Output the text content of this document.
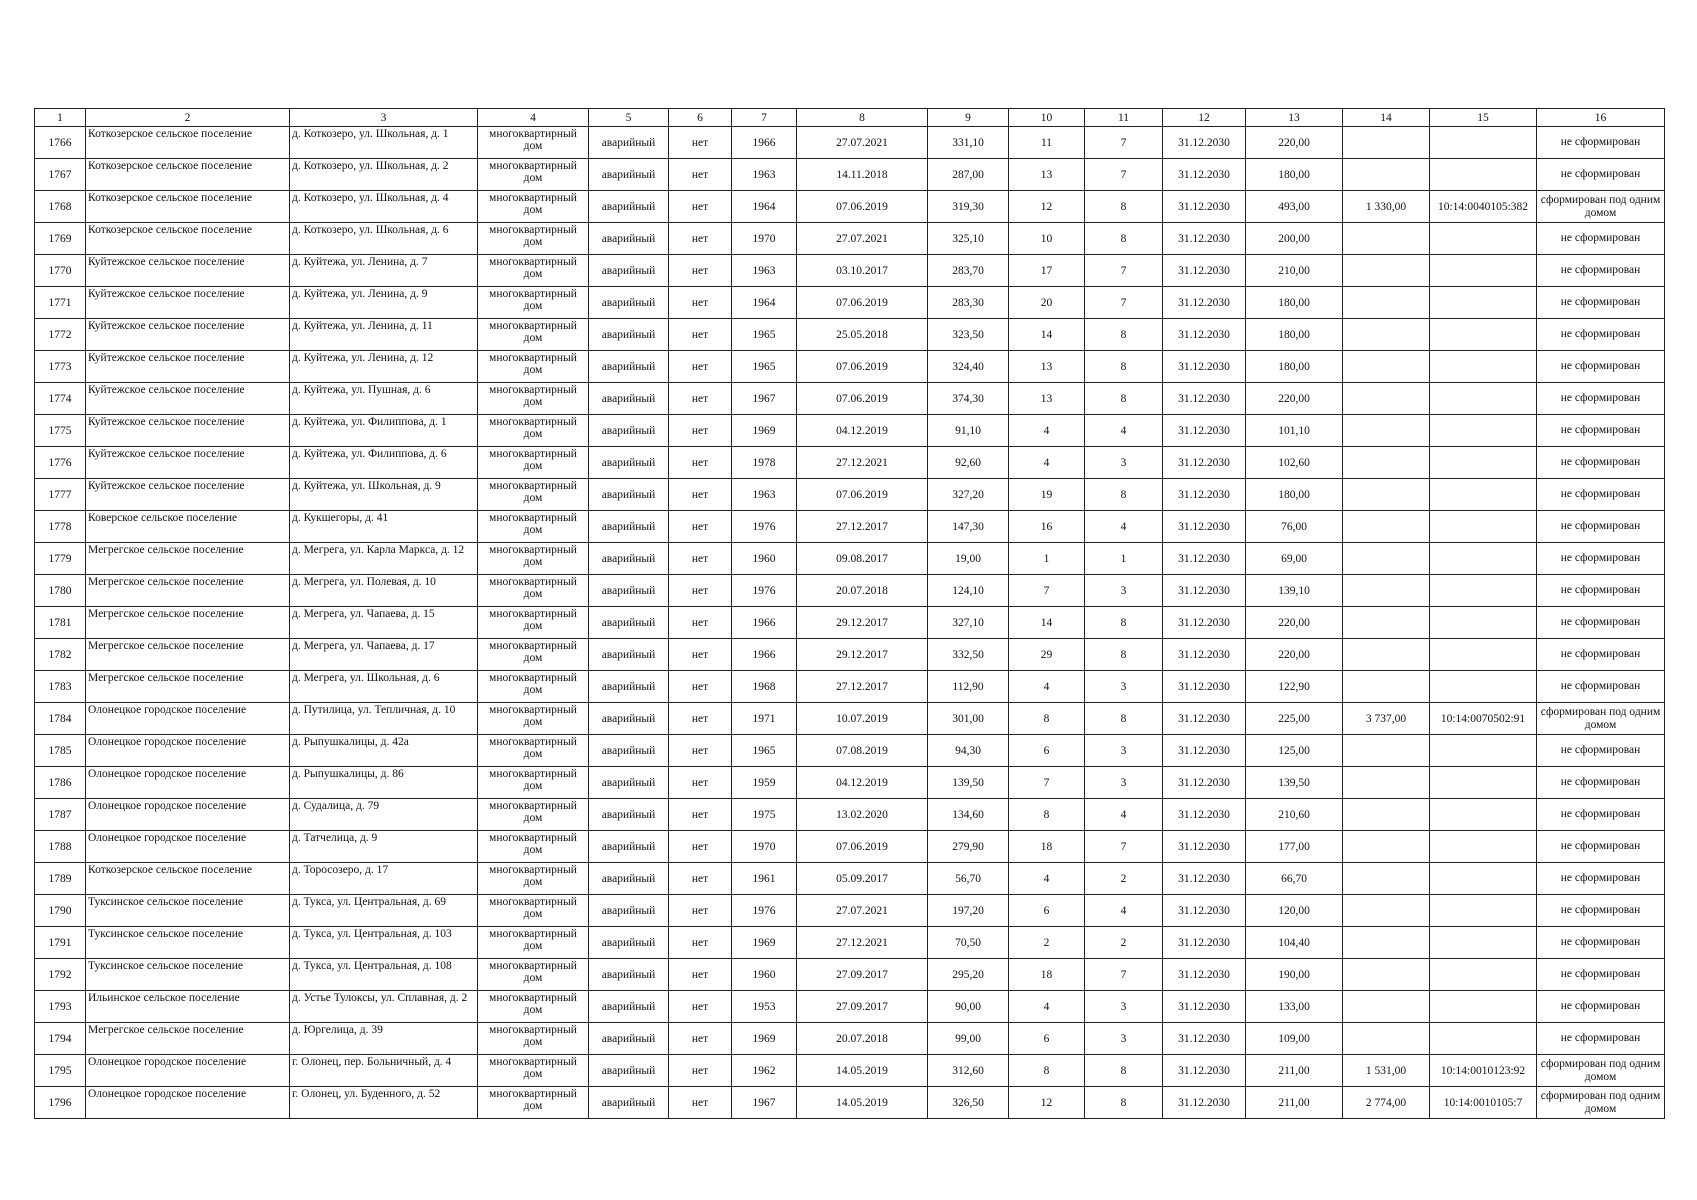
1	2	3	4	5	6	7	8	9	10	11	12	13	14	15	16
1766	Коткозерское сельское поселение	д. Коткозеро, ул. Школьная, д. 1	многоквартирный дом	аварийный	нет	1966	27.07.2021	331,10	11	7	31.12.2030	220,00			не сформирован
1767	Коткозерское сельское поселение	д. Коткозеро, ул. Школьная, д. 2	многоквартирный дом	аварийный	нет	1963	14.11.2018	287,00	13	7	31.12.2030	180,00			не сформирован
1768	Коткозерское сельское поселение	д. Коткозеро, ул. Школьная, д. 4	многоквартирный дом	аварийный	нет	1964	07.06.2019	319,30	12	8	31.12.2030	493,00	1 330,00	10:14:0040105:382	сформирован под одним домом
1769	Коткозерское сельское поселение	д. Коткозеро, ул. Школьная, д. 6	многоквартирный дом	аварийный	нет	1970	27.07.2021	325,10	10	8	31.12.2030	200,00			не сформирован
1770	Куйтежское сельское поселение	д. Куйтежа, ул. Ленина, д. 7	многоквартирный дом	аварийный	нет	1963	03.10.2017	283,70	17	7	31.12.2030	210,00			не сформирован
1771	Куйтежское сельское поселение	д. Куйтежа, ул. Ленина, д. 9	многоквартирный дом	аварийный	нет	1964	07.06.2019	283,30	20	7	31.12.2030	180,00			не сформирован
1772	Куйтежское сельское поселение	д. Куйтежа, ул. Ленина, д. 11	многоквартирный дом	аварийный	нет	1965	25.05.2018	323,50	14	8	31.12.2030	180,00			не сформирован
1773	Куйтежское сельское поселение	д. Куйтежа, ул. Ленина, д. 12	многоквартирный дом	аварийный	нет	1965	07.06.2019	324,40	13	8	31.12.2030	180,00			не сформирован
1774	Куйтежское сельское поселение	д. Куйтежа, ул. Пушная, д. 6	многоквартирный дом	аварийный	нет	1967	07.06.2019	374,30	13	8	31.12.2030	220,00			не сформирован
1775	Куйтежское сельское поселение	д. Куйтежа, ул. Филиппова, д. 1	многоквартирный дом	аварийный	нет	1969	04.12.2019	91,10	4	4	31.12.2030	101,10			не сформирован
1776	Куйтежское сельское поселение	д. Куйтежа, ул. Филиппова, д. 6	многоквартирный дом	аварийный	нет	1978	27.12.2021	92,60	4	3	31.12.2030	102,60			не сформирован
1777	Куйтежское сельское поселение	д. Куйтежа, ул. Школьная, д. 9	многоквартирный дом	аварийный	нет	1963	07.06.2019	327,20	19	8	31.12.2030	180,00			не сформирован
1778	Коверское сельское поселение	д. Кукшегоры, д. 41	многоквартирный дом	аварийный	нет	1976	27.12.2017	147,30	16	4	31.12.2030	76,00			не сформирован
1779	Мегрегское сельское поселение	д. Мегрега, ул. Карла Маркса, д. 12	многоквартирный дом	аварийный	нет	1960	09.08.2017	19,00	1	1	31.12.2030	69,00			не сформирован
1780	Мегрегское сельское поселение	д. Мегрега, ул. Полевая, д. 10	многоквартирный дом	аварийный	нет	1976	20.07.2018	124,10	7	3	31.12.2030	139,10			не сформирован
1781	Мегрегское сельское поселение	д. Мегрега, ул. Чапаева, д. 15	многоквартирный дом	аварийный	нет	1966	29.12.2017	327,10	14	8	31.12.2030	220,00			не сформирован
1782	Мегрегское сельское поселение	д. Мегрега, ул. Чапаева, д. 17	многоквартирный дом	аварийный	нет	1966	29.12.2017	332,50	29	8	31.12.2030	220,00			не сформирован
1783	Мегрегское сельское поселение	д. Мегрега, ул. Школьная, д. 6	многоквартирный дом	аварийный	нет	1968	27.12.2017	112,90	4	3	31.12.2030	122,90			не сформирован
1784	Олонецкое городское поселение	д. Путилица, ул. Тепличная, д. 10	многоквартирный дом	аварийный	нет	1971	10.07.2019	301,00	8	8	31.12.2030	225,00	3 737,00	10:14:0070502:91	сформирован под одним домом
1785	Олонецкое городское поселение	д. Рыпушкалицы, д. 42а	многоквартирный дом	аварийный	нет	1965	07.08.2019	94,30	6	3	31.12.2030	125,00			не сформирован
1786	Олонецкое городское поселение	д. Рыпушкалицы, д. 86	многоквартирный дом	аварийный	нет	1959	04.12.2019	139,50	7	3	31.12.2030	139,50			не сформирован
1787	Олонецкое городское поселение	д. Судалица, д. 79	многоквартирный дом	аварийный	нет	1975	13.02.2020	134,60	8	4	31.12.2030	210,60			не сформирован
1788	Олонецкое городское поселение	д. Татчелица, д. 9	многоквартирный дом	аварийный	нет	1970	07.06.2019	279,90	18	7	31.12.2030	177,00			не сформирован
1789	Коткозерское сельское поселение	д. Торосозеро, д. 17	многоквартирный дом	аварийный	нет	1961	05.09.2017	56,70	4	2	31.12.2030	66,70			не сформирован
1790	Туксинское сельское поселение	д. Тукса, ул. Центральная, д. 69	многоквартирный дом	аварийный	нет	1976	27.07.2021	197,20	6	4	31.12.2030	120,00			не сформирован
1791	Туксинское сельское поселение	д. Тукса, ул. Центральная, д. 103	многоквартирный дом	аварийный	нет	1969	27.12.2021	70,50	2	2	31.12.2030	104,40			не сформирован
1792	Туксинское сельское поселение	д. Тукса, ул. Центральная, д. 108	многоквартирный дом	аварийный	нет	1960	27.09.2017	295,20	18	7	31.12.2030	190,00			не сформирован
1793	Ильинское сельское поселение	д. Устье Тулоксы, ул. Сплавная, д. 2	многоквартирный дом	аварийный	нет	1953	27.09.2017	90,00	4	3	31.12.2030	133,00			не сформирован
1794	Мегрегское сельское поселение	д. Юргелица, д. 39	многоквартирный дом	аварийный	нет	1969	20.07.2018	99,00	6	3	31.12.2030	109,00			не сформирован
1795	Олонецкое городское поселение	г. Олонец, пер. Больничный, д. 4	многоквартирный дом	аварийный	нет	1962	14.05.2019	312,60	8	8	31.12.2030	211,00	1 531,00	10:14:0010123:92	сформирован под одним домом
1796	Олонецкое городское поселение	г. Олонец, ул. Буденного, д. 52	многоквартирный дом	аварийный	нет	1967	14.05.2019	326,50	12	8	31.12.2030	211,00	2 774,00	10:14:0010105:7	сформирован под одним домом
